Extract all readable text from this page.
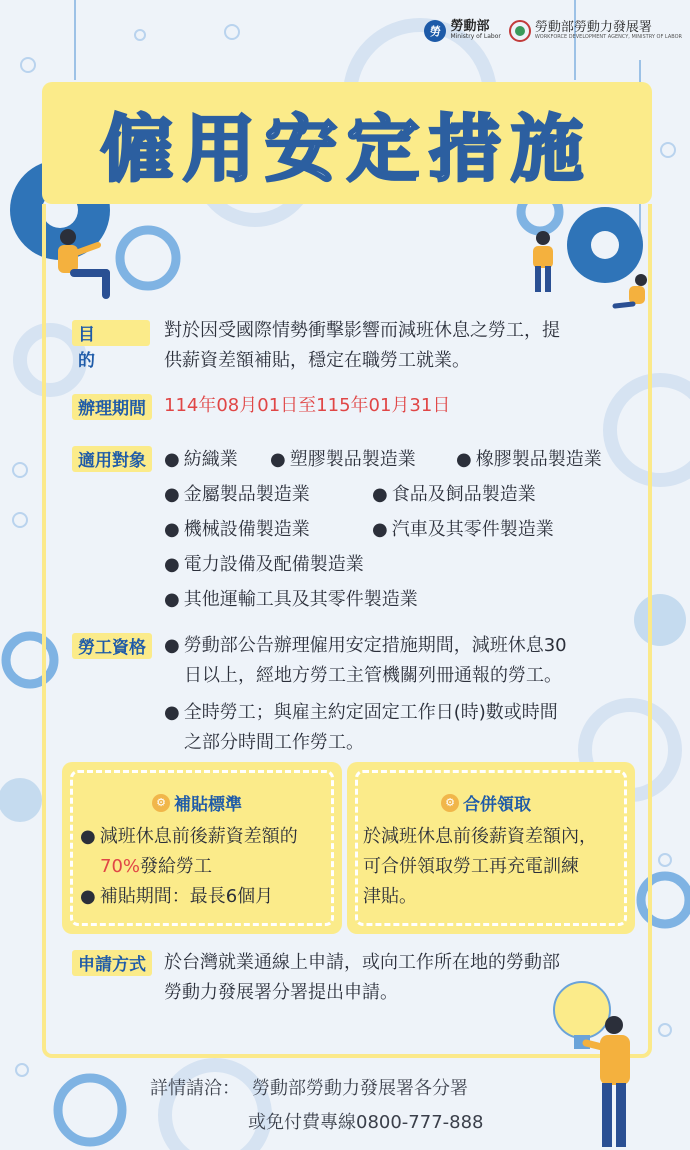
勞 勞動部
Ministry of Labor
勞動部勞動力發展署
WORKFORCE DEVELOPMENT AGENCY, MINISTRY OF LABOR
僱用安定措施
目　　的
對於因受國際情勢衝擊影響而減班休息之勞工，提
供薪資差額補貼，穩定在職勞工就業。
辦理期間	114年08月01日至115年01月31日
適用對象	● 紡織業	● 塑膠製品製造業	● 橡膠製品製造業
● 金屬製品製造業	● 食品及飼品製造業
● 機械設備製造業	● 汽車及其零件製造業
● 電力設備及配備製造業
● 其他運輸工具及其零件製造業
勞工資格	● 勞動部公告辦理僱用安定措施期間，減班休息30
日以上，經地方勞工主管機關列冊通報的勞工。
● 全時勞工；與雇主約定固定工作日(時)數或時間
之部分時間工作勞工。
⚙ 補貼標準
● 減班休息前後薪資差額的
70%發給勞工
● 補貼期間：最長6個月
⚙ 合併領取
於減班休息前後薪資差額內，
可合併領取勞工再充電訓練
津貼。
申請方式	於台灣就業通線上申請，或向工作所在地的勞動部
勞動力發展署分署提出申請。
詳情請洽： 勞動部勞動力發展署各分署
或免付費專線0800-777-888
